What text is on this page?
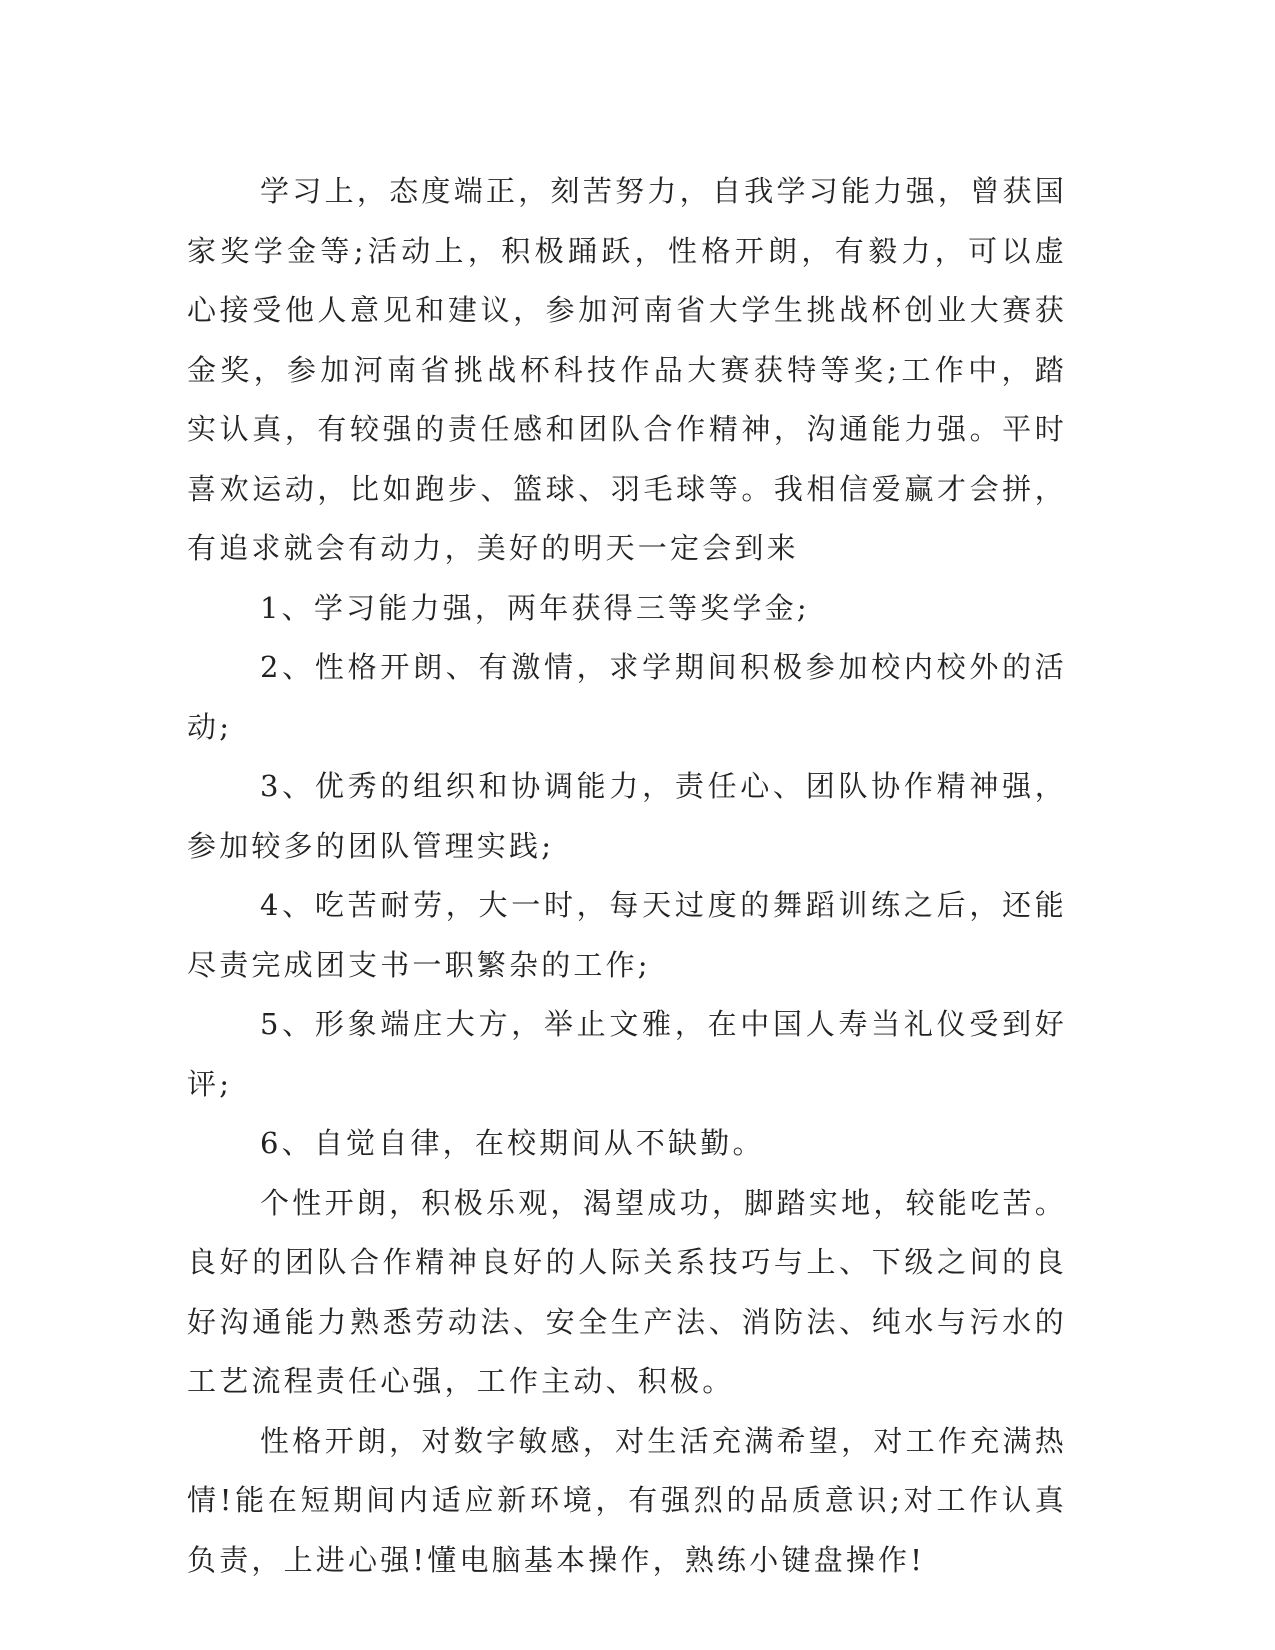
学习上，态度端正，刻苦努力，自我学习能力强，曾获国家奖学金等;活动上，积极踊跃，性格开朗，有毅力，可以虚心接受他人意见和建议，参加河南省大学生挑战杯创业大赛获金奖，参加河南省挑战杯科技作品大赛获特等奖;工作中，踏实认真，有较强的责任感和团队合作精神，沟通能力强。平时喜欢运动，比如跑步、篮球、羽毛球等。我相信爱赢才会拼，有追求就会有动力，美好的明天一定会到来

1、学习能力强，两年获得三等奖学金;

2、性格开朗、有激情，求学期间积极参加校内校外的活动;

3、优秀的组织和协调能力，责任心、团队协作精神强，参加较多的团队管理实践;

4、吃苦耐劳，大一时，每天过度的舞蹈训练之后，还能尽责完成团支书一职繁杂的工作;

5、形象端庄大方，举止文雅，在中国人寿当礼仪受到好评;

6、自觉自律，在校期间从不缺勤。

个性开朗，积极乐观，渴望成功，脚踏实地，较能吃苦。良好的团队合作精神良好的人际关系技巧与上、下级之间的良好沟通能力熟悉劳动法、安全生产法、消防法、纯水与污水的工艺流程责任心强，工作主动、积极。

性格开朗，对数字敏感，对生活充满希望，对工作充满热情!能在短期间内适应新环境，有强烈的品质意识;对工作认真负责，上进心强!懂电脑基本操作，熟练小键盘操作!
